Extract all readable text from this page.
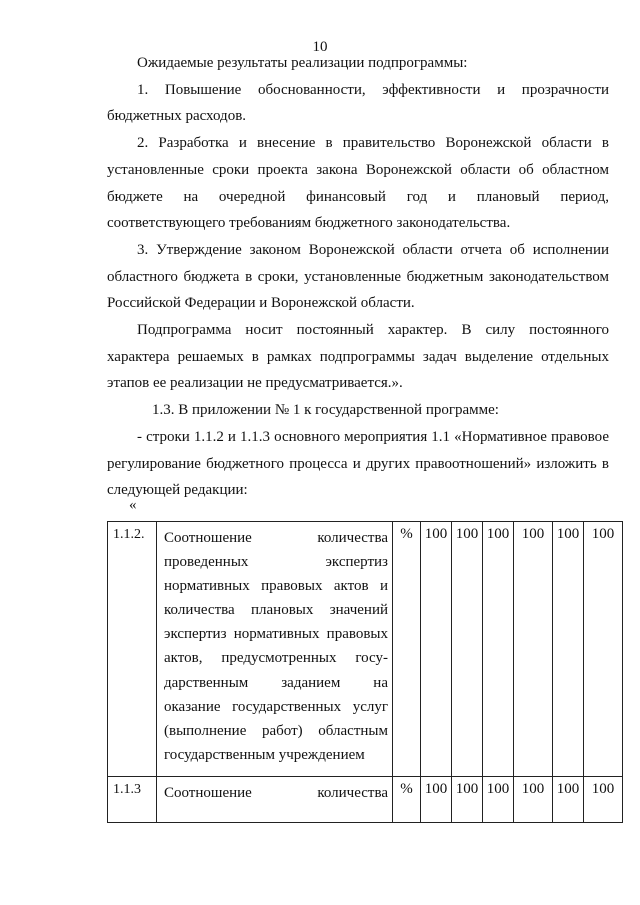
10

Ожидаемые результаты реализации подпрограммы:

1. Повышение обоснованности, эффективности и прозрачности бюджетных расходов.

2. Разработка и внесение в правительство Воронежской области в установленные сроки проекта закона Воронежской области об областном бюджете на очередной финансовый год и плановый период, соответствующего требованиям бюджетного законодательства.

3. Утверждение законом Воронежской области отчета об исполнении областного бюджета в сроки, установленные бюджетным законодательством Российской Федерации и Воронежской области.

Подпрограмма носит постоянный характер. В силу постоянного характера решаемых в рамках подпрограммы задач выделение отдельных этапов ее реализации не предусматривается.».

1.3. В приложении № 1 к государственной программе:

- строки 1.1.2 и 1.1.3 основного мероприятия 1.1 «Нормативное правовое регулирование бюджетного процесса и других правоотношений» изложить в следующей редакции:

«
1.1.2.	Соотношение количества проведенных экспертиз нормативных правовых актов и количества плановых значений экспертиз нормативных правовых актов, предусмотренных госу-дарственным заданием на оказание государственных услуг (выполнение работ) областным государственным учреждением	%	100	100	100	100	100	100
1.1.3	Соотношение количества	%	100	100	100	100	100	100
